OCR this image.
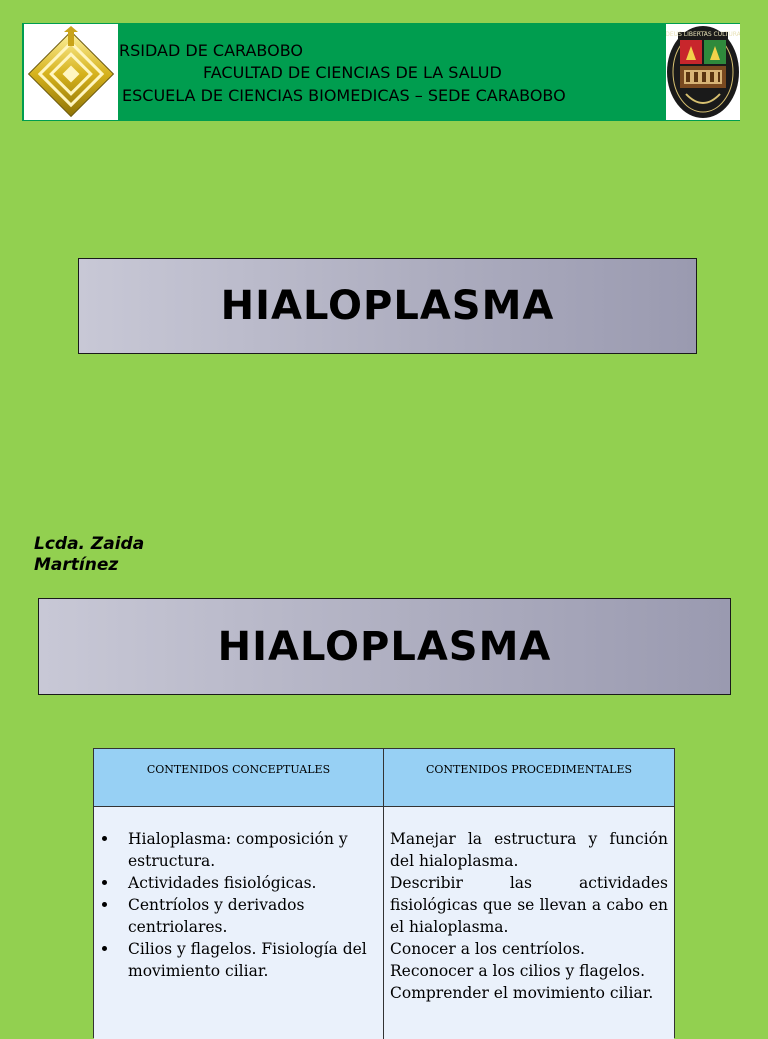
RSIDAD DE CARABOBO
FACULTAD DE CIENCIAS DE LA SALUD
ESCUELA DE CIENCIAS BIOMEDICAS – SEDE CARABOBO
DEUS LIBERTAS CULTURA
HIALOPLASMA
Lcda. Zaida
Martínez
HIALOPLASMA
CONTENIDOS CONCEPTUALES	CONTENIDOS PROCEDIMENTALES
Hialoplasma: composición y estructura.
Actividades fisiológicas.
Centríolos y derivados centriolares.
Cilios y flagelos. Fisiología del movimiento ciliar.
Manejar la estructura y función del hialoplasma.
Describir las actividades fisiológicas que se llevan a cabo en el hialoplasma.
Conocer a los centríolos.
Reconocer a los cilios y flagelos.
Comprender el movimiento ciliar.
